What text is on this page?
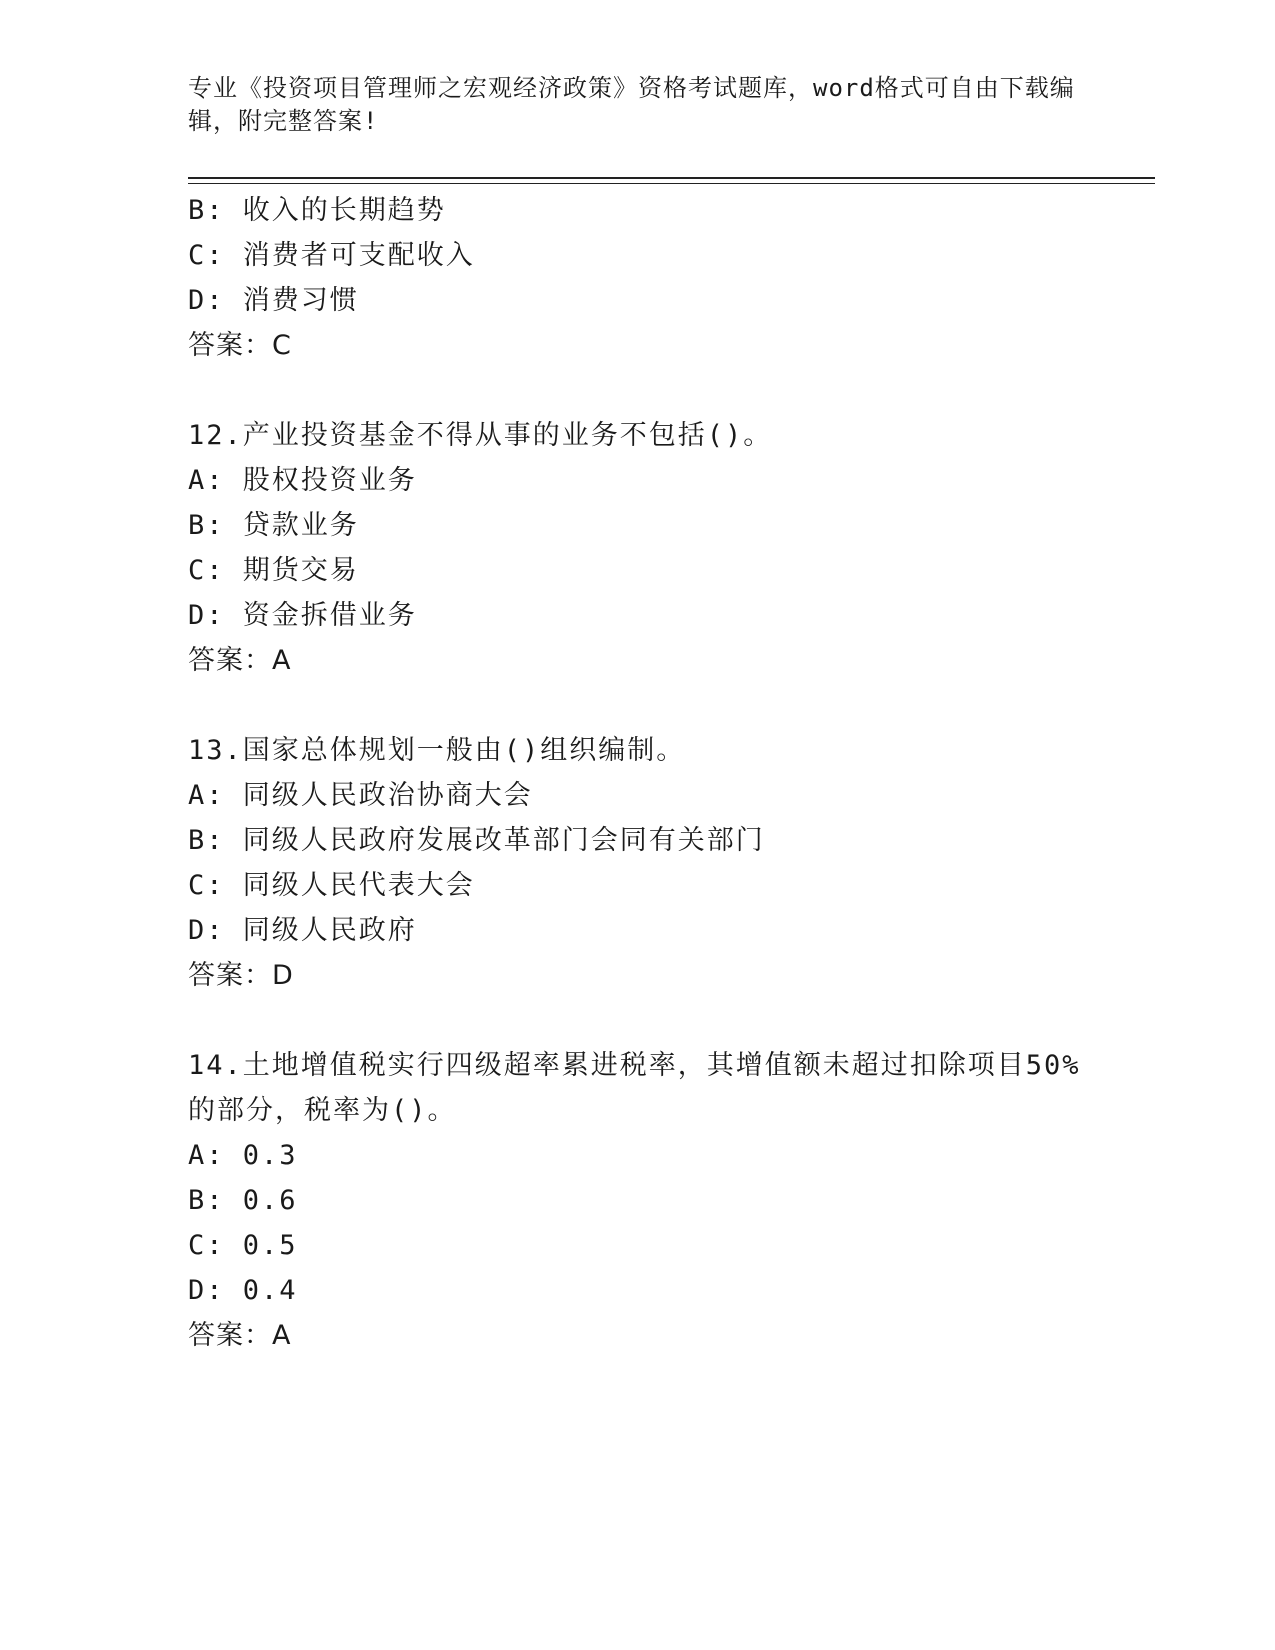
专业《投资项目管理师之宏观经济政策》资格考试题库，word格式可自由下载编
辑，附完整答案!
B: 收入的长期趋势
C: 消费者可支配收入
D: 消费习惯
答案：C
12.产业投资基金不得从事的业务不包括()。
A: 股权投资业务
B: 贷款业务
C: 期货交易
D: 资金拆借业务
答案：A
13.国家总体规划一般由()组织编制。
A: 同级人民政治协商大会
B: 同级人民政府发展改革部门会同有关部门
C: 同级人民代表大会
D: 同级人民政府
答案：D
14.土地增值税实行四级超率累进税率，其增值额未超过扣除项目50%
的部分，税率为()。
A: 0.3
B: 0.6
C: 0.5
D: 0.4
答案：A
